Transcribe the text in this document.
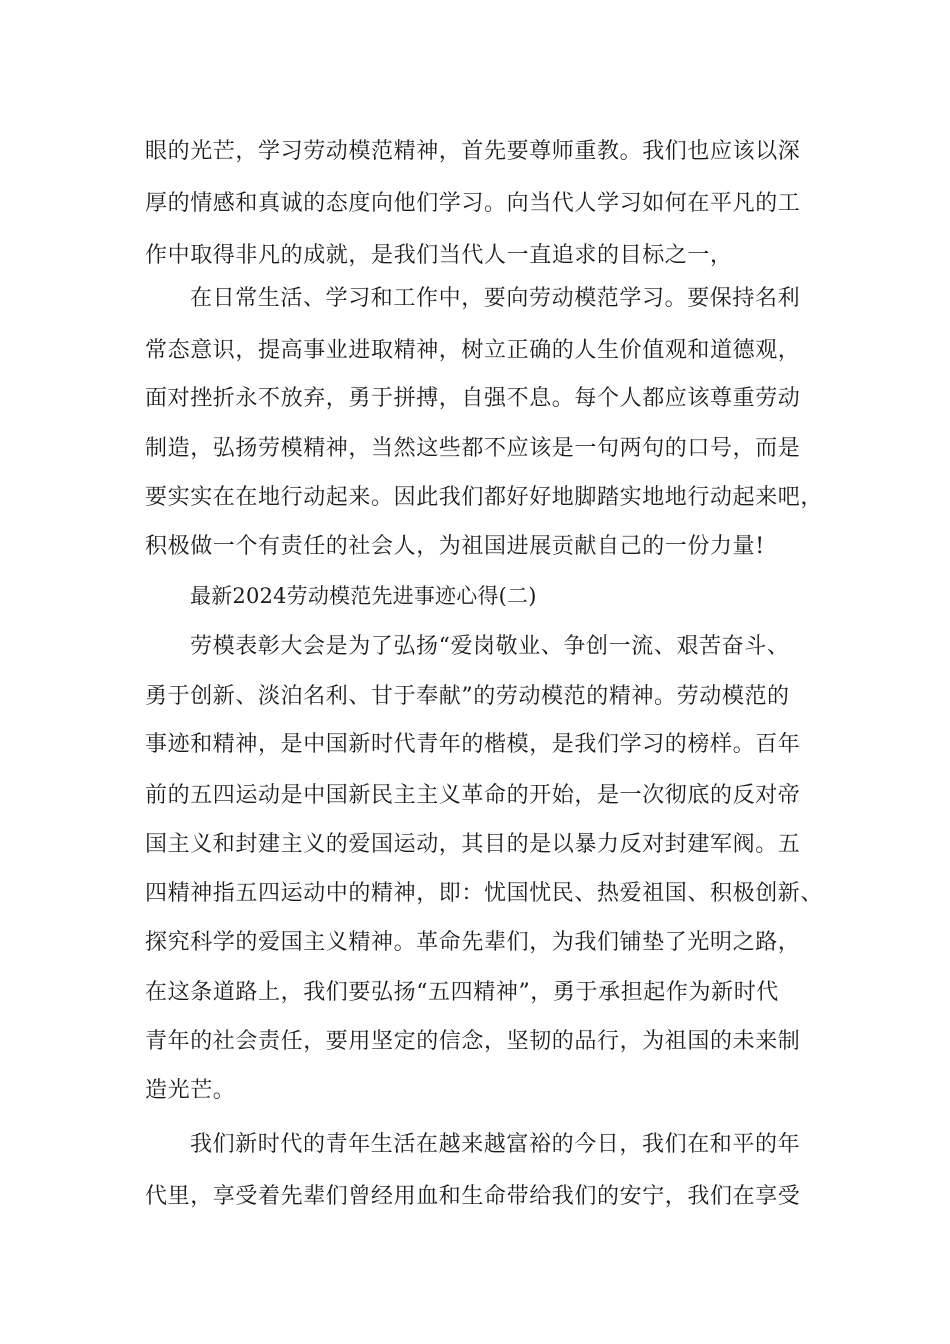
眼的光芒，学习劳动模范精神，首先要尊师重教。我们也应该以深
厚的情感和真诚的态度向他们学习。向当代人学习如何在平凡的工
作中取得非凡的成就，是我们当代人一直追求的目标之一，
在日常生活、学习和工作中，要向劳动模范学习。要保持名利
常态意识，提高事业进取精神，树立正确的人生价值观和道德观，
面对挫折永不放弃，勇于拼搏，自强不息。每个人都应该尊重劳动
制造，弘扬劳模精神，当然这些都不应该是一句两句的口号，而是
要实实在在地行动起来。因此我们都好好地脚踏实地地行动起来吧，
积极做一个有责任的社会人，为祖国进展贡献自己的一份力量!
最新2024劳动模范先进事迹心得(二)
劳模表彰大会是为了弘扬“爱岗敬业、争创一流、艰苦奋斗、
勇于创新、淡泊名利、甘于奉献”的劳动模范的精神。劳动模范的
事迹和精神，是中国新时代青年的楷模，是我们学习的榜样。百年
前的五四运动是中国新民主主义革命的开始，是一次彻底的反对帝
国主义和封建主义的爱国运动，其目的是以暴力反对封建军阀。五
四精神指五四运动中的精神，即：忧国忧民、热爱祖国、积极创新、
探究科学的爱国主义精神。革命先辈们，为我们铺垫了光明之路，
在这条道路上，我们要弘扬“五四精神”，勇于承担起作为新时代
青年的社会责任，要用坚定的信念，坚韧的品行，为祖国的未来制
造光芒。
我们新时代的青年生活在越来越富裕的今日，我们在和平的年
代里，享受着先辈们曾经用血和生命带给我们的安宁，我们在享受
